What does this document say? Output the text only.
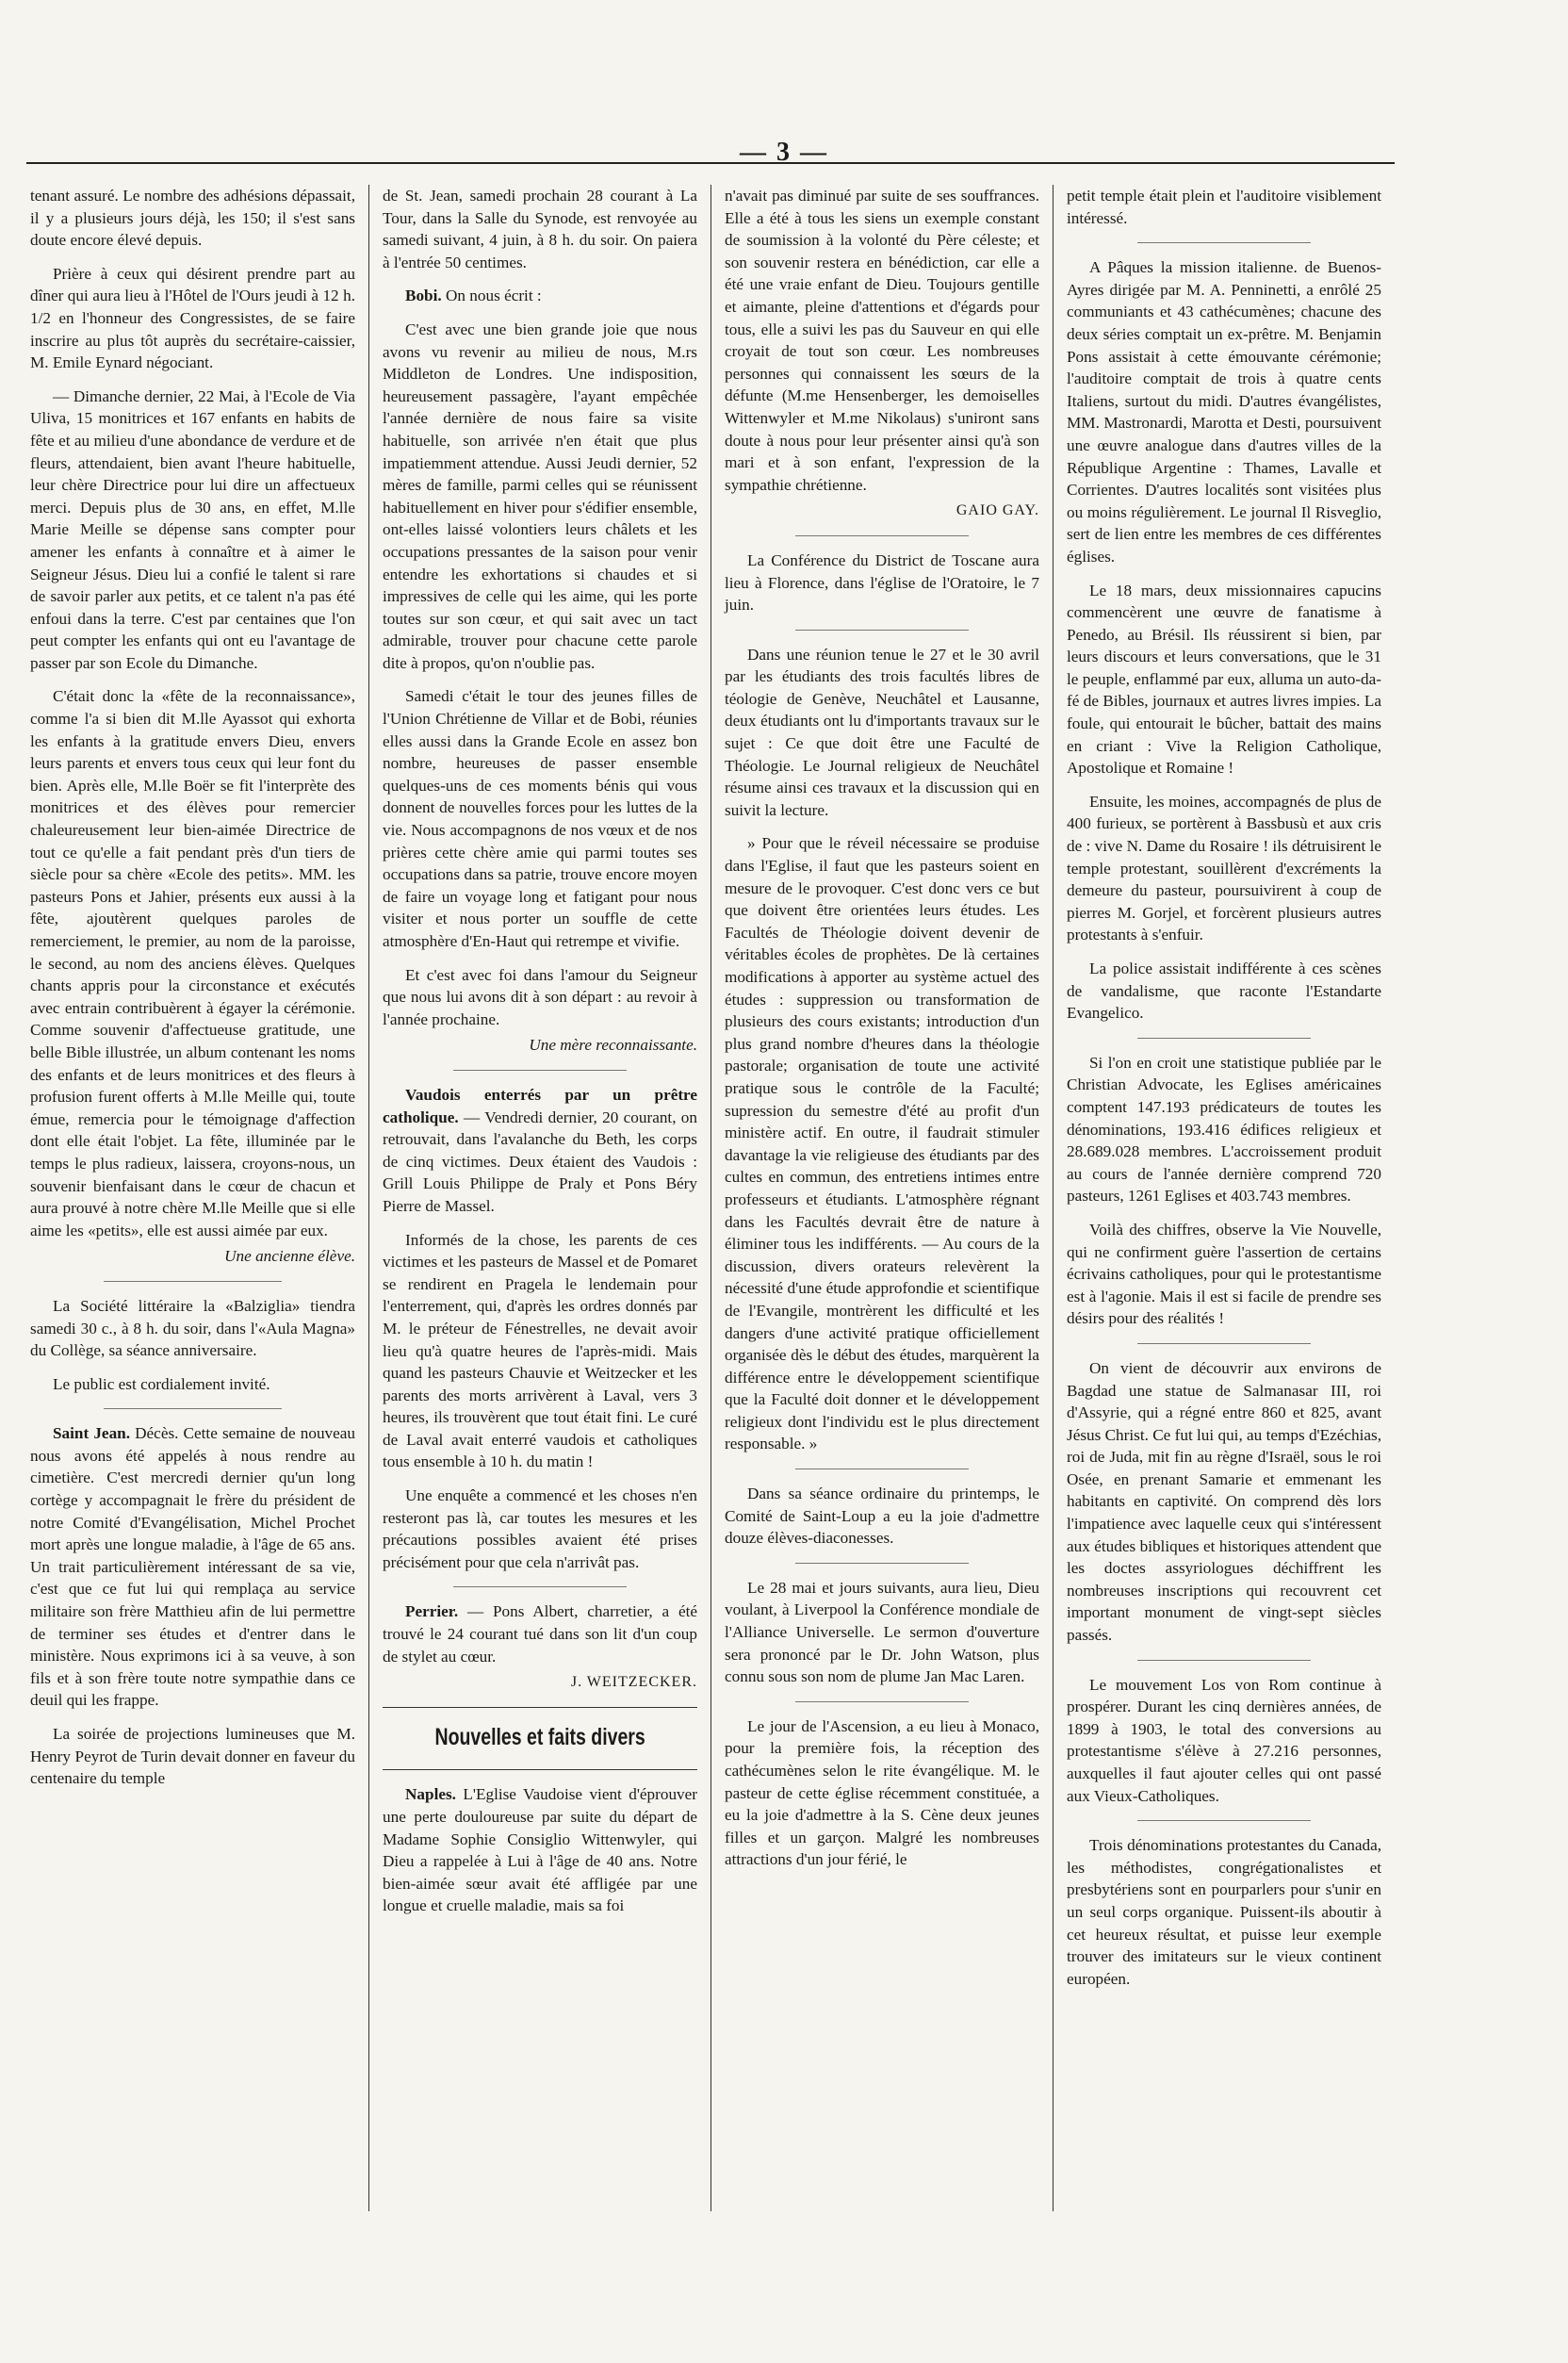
— 3 —

tenant assuré. Le nombre des adhésions dépassait, il y a plusieurs jours déjà, les 150; il s'est sans doute encore élevé depuis.

Prière à ceux qui désirent prendre part au dîner qui aura lieu à l'Hôtel de l'Ours jeudi à 12 h. 1/2 en l'honneur des Congressistes, de se faire inscrire au plus tôt auprès du secrétaire-caissier, M. Emile Eynard négociant.

— Dimanche dernier, 22 Mai, à l'Ecole de Via Uliva, 15 monitrices et 167 enfants en habits de fête et au milieu d'une abondance de verdure et de fleurs, attendaient, bien avant l'heure habituelle, leur chère Directrice pour lui dire un affectueux merci. Depuis plus de 30 ans, en effet, M.lle Marie Meille se dépense sans compter pour amener les enfants à connaître et à aimer le Seigneur Jésus. Dieu lui a confié le talent si rare de savoir parler aux petits, et ce talent n'a pas été enfoui dans la terre. C'est par centaines que l'on peut compter les enfants qui ont eu l'avantage de passer par son Ecole du Dimanche.

C'était donc la «fête de la reconnaissance», comme l'a si bien dit M.lle Ayassot qui exhorta les enfants à la gratitude envers Dieu, envers leurs parents et envers tous ceux qui leur font du bien. Après elle, M.lle Boër se fit l'interprète des monitrices et des élèves pour remercier chaleureusement leur bien-aimée Directrice de tout ce qu'elle a fait pendant près d'un tiers de siècle pour sa chère «Ecole des petits». MM. les pasteurs Pons et Jahier, présents eux aussi à la fête, ajoutèrent quelques paroles de remerciement, le premier, au nom de la paroisse, le second, au nom des anciens élèves. Quelques chants appris pour la circonstance et exécutés avec entrain contribuèrent à égayer la cérémonie. Comme souvenir d'affectueuse gratitude, une belle Bible illustrée, un album contenant les noms des enfants et de leurs monitrices et des fleurs à profusion furent offerts à M.lle Meille qui, toute émue, remercia pour le témoignage d'affection dont elle était l'objet. La fête, illuminée par le temps le plus radieux, laissera, croyons-nous, un souvenir bienfaisant dans le cœur de chacun et aura prouvé à notre chère M.lle Meille que si elle aime les «petits», elle est aussi aimée par eux.

Une ancienne élève.

La Société littéraire la «Balziglia» tiendra samedi 30 c., à 8 h. du soir, dans l'«Aula Magna» du Collège, sa séance anniversaire.

Le public est cordialement invité.

Saint Jean. Décès. Cette semaine de nouveau nous avons été appelés à nous rendre au cimetière. C'est mercredi dernier qu'un long cortège y accompagnait le frère du président de notre Comité d'Evangélisation, Michel Prochet mort après une longue maladie, à l'âge de 65 ans. Un trait particulièrement intéressant de sa vie, c'est que ce fut lui qui remplaça au service militaire son frère Matthieu afin de lui permettre de terminer ses études et d'entrer dans le ministère. Nous exprimons ici à sa veuve, à son fils et à son frère toute notre sympathie dans ce deuil qui les frappe.

La soirée de projections lumineuses que M. Henry Peyrot de Turin devait donner en faveur du centenaire du temple

de St. Jean, samedi prochain 28 courant à La Tour, dans la Salle du Synode, est renvoyée au samedi suivant, 4 juin, à 8 h. du soir. On paiera à l'entrée 50 centimes.

Bobi. On nous écrit :

C'est avec une bien grande joie que nous avons vu revenir au milieu de nous, M.rs Middleton de Londres. Une indisposition, heureusement passagère, l'ayant empêchée l'année dernière de nous faire sa visite habituelle, son arrivée n'en était que plus impatiemment attendue. Aussi Jeudi dernier, 52 mères de famille, parmi celles qui se réunissent habituellement en hiver pour s'édifier ensemble, ont-elles laissé volontiers leurs châlets et les occupations pressantes de la saison pour venir entendre les exhortations si chaudes et si impressives de celle qui les aime, qui les porte toutes sur son cœur, et qui sait avec un tact admirable, trouver pour chacune cette parole dite à propos, qu'on n'oublie pas.

Samedi c'était le tour des jeunes filles de l'Union Chrétienne de Villar et de Bobi, réunies elles aussi dans la Grande Ecole en assez bon nombre, heureuses de passer ensemble quelques-uns de ces moments bénis qui vous donnent de nouvelles forces pour les luttes de la vie. Nous accompagnons de nos vœux et de nos prières cette chère amie qui parmi toutes ses occupations dans sa patrie, trouve encore moyen de faire un voyage long et fatigant pour nous visiter et nous porter un souffle de cette atmosphère d'En-Haut qui retrempe et vivifie.

Et c'est avec foi dans l'amour du Seigneur que nous lui avons dit à son départ : au revoir à l'année prochaine.

Une mère reconnaissante.

Vaudois enterrés par un prêtre catholique. — Vendredi dernier, 20 courant, on retrouvait, dans l'avalanche du Beth, les corps de cinq victimes. Deux étaient des Vaudois : Grill Louis Philippe de Praly et Pons Béry Pierre de Massel.

Informés de la chose, les parents de ces victimes et les pasteurs de Massel et de Pomaret se rendirent en Pragela le lendemain pour l'enterrement, qui, d'après les ordres donnés par M. le préteur de Fénestrelles, ne devait avoir lieu qu'à quatre heures de l'après-midi. Mais quand les pasteurs Chauvie et Weitzecker et les parents des morts arrivèrent à Laval, vers 3 heures, ils trouvèrent que tout était fini. Le curé de Laval avait enterré vaudois et catholiques tous ensemble à 10 h. du matin !

Une enquête a commencé et les choses n'en resteront pas là, car toutes les mesures et les précautions possibles avaient été prises précisément pour que cela n'arrivât pas.

Perrier. — Pons Albert, charretier, a été trouvé le 24 courant tué dans son lit d'un coup de stylet au cœur.

J. WEITZECKER.
Nouvelles et faits divers

Naples. L'Eglise Vaudoise vient d'éprouver une perte douloureuse par suite du départ de Madame Sophie Consiglio Wittenwyler, qui Dieu a rappelée à Lui à l'âge de 40 ans. Notre bien-aimée sœur avait été affligée par une longue et cruelle maladie, mais sa foi

n'avait pas diminué par suite de ses souffrances. Elle a été à tous les siens un exemple constant de soumission à la volonté du Père céleste; et son souvenir restera en bénédiction, car elle a été une vraie enfant de Dieu. Toujours gentille et aimante, pleine d'attentions et d'égards pour tous, elle a suivi les pas du Sauveur en qui elle croyait de tout son cœur. Les nombreuses personnes qui connaissent les sœurs de la défunte (M.me Hensenberger, les demoiselles Wittenwyler et M.me Nikolaus) s'uniront sans doute à nous pour leur présenter ainsi qu'à son mari et à son enfant, l'expression de la sympathie chrétienne.

GAIO GAY.

La Conférence du District de Toscane aura lieu à Florence, dans l'église de l'Oratoire, le 7 juin.

Dans une réunion tenue le 27 et le 30 avril par les étudiants des trois facultés libres de téologie de Genève, Neuchâtel et Lausanne, deux étudiants ont lu d'importants travaux sur le sujet : Ce que doit être une Faculté de Théologie. Le Journal religieux de Neuchâtel résume ainsi ces travaux et la discussion qui en suivit la lecture.

» Pour que le réveil nécessaire se produise dans l'Eglise, il faut que les pasteurs soient en mesure de le provoquer. C'est donc vers ce but que doivent être orientées leurs études. Les Facultés de Théologie doivent devenir de véritables écoles de prophètes. De là certaines modifications à apporter au système actuel des études : suppression ou transformation de plusieurs des cours existants; introduction d'un plus grand nombre d'heures dans la théologie pastorale; organisation de toute une activité pratique sous le contrôle de la Faculté; supression du semestre d'été au profit d'un ministère actif. En outre, il faudrait stimuler davantage la vie religieuse des étudiants par des cultes en commun, des entretiens intimes entre professeurs et étudiants. L'atmosphère régnant dans les Facultés devrait être de nature à éliminer tous les indifférents. — Au cours de la discussion, divers orateurs relevèrent la nécessité d'une étude approfondie et scientifique de l'Evangile, montrèrent les difficulté et les dangers d'une activité pratique officiellement organisée dès le début des études, marquèrent la différence entre le développement scientifique que la Faculté doit donner et le développement religieux dont l'individu est le plus directement responsable. »

Dans sa séance ordinaire du printemps, le Comité de Saint-Loup a eu la joie d'admettre douze élèves-diaconesses.

Le 28 mai et jours suivants, aura lieu, Dieu voulant, à Liverpool la Conférence mondiale de l'Alliance Universelle. Le sermon d'ouverture sera prononcé par le Dr. John Watson, plus connu sous son nom de plume Jan Mac Laren.

Le jour de l'Ascension, a eu lieu à Monaco, pour la première fois, la réception des cathécumènes selon le rite évangélique. M. le pasteur de cette église récemment constituée, a eu la joie d'admettre à la S. Cène deux jeunes filles et un garçon. Malgré les nombreuses attractions d'un jour férié, le

petit temple était plein et l'auditoire visiblement intéressé.

A Pâques la mission italienne. de Buenos-Ayres dirigée par M. A. Penninetti, a enrôlé 25 communiants et 43 cathécumènes; chacune des deux séries comptait un ex-prêtre. M. Benjamin Pons assistait à cette émouvante cérémonie; l'auditoire comptait de trois à quatre cents Italiens, surtout du midi. D'autres évangélistes, MM. Mastronardi, Marotta et Desti, poursuivent une œuvre analogue dans d'autres villes de la République Argentine : Thames, Lavalle et Corrientes. D'autres localités sont visitées plus ou moins régulièrement. Le journal Il Risveglio, sert de lien entre les membres de ces différentes églises.

Le 18 mars, deux missionnaires capucins commencèrent une œuvre de fanatisme à Penedo, au Brésil. Ils réussirent si bien, par leurs discours et leurs conversations, que le 31 le peuple, enflammé par eux, alluma un auto-da-fé de Bibles, journaux et autres livres impies. La foule, qui entourait le bûcher, battait des mains en criant : Vive la Religion Catholique, Apostolique et Romaine !

Ensuite, les moines, accompagnés de plus de 400 furieux, se portèrent à Bassbusù et aux cris de : vive N. Dame du Rosaire ! ils détruisirent le temple protestant, souillèrent d'excréments la demeure du pasteur, poursuivirent à coup de pierres M. Gorjel, et forcèrent plusieurs autres protestants à s'enfuir.

La police assistait indifférente à ces scènes de vandalisme, que raconte l'Estandarte Evangelico.

Si l'on en croit une statistique publiée par le Christian Advocate, les Eglises américaines comptent 147.193 prédicateurs de toutes les dénominations, 193.416 édifices religieux et 28.689.028 membres. L'accroissement produit au cours de l'année dernière comprend 720 pasteurs, 1261 Eglises et 403.743 membres.

Voilà des chiffres, observe la Vie Nouvelle, qui ne confirment guère l'assertion de certains écrivains catholiques, pour qui le protestantisme est à l'agonie. Mais il est si facile de prendre ses désirs pour des réalités !

On vient de découvrir aux environs de Bagdad une statue de Salmanasar III, roi d'Assyrie, qui a régné entre 860 et 825, avant Jésus Christ. Ce fut lui qui, au temps d'Ezéchias, roi de Juda, mit fin au règne d'Israël, sous le roi Osée, en prenant Samarie et emmenant les habitants en captivité. On comprend dès lors l'impatience avec laquelle ceux qui s'intéressent aux études bibliques et historiques attendent que les doctes assyriologues déchiffrent les nombreuses inscriptions qui recouvrent cet important monument de vingt-sept siècles passés.

Le mouvement Los von Rom continue à prospérer. Durant les cinq dernières années, de 1899 à 1903, le total des conversions au protestantisme s'élève à 27.216 personnes, auxquelles il faut ajouter celles qui ont passé aux Vieux-Catholiques.

Trois dénominations protestantes du Canada, les méthodistes, congrégationalistes et presbytériens sont en pourparlers pour s'unir en un seul corps organique. Puissent-ils aboutir à cet heureux résultat, et puisse leur exemple trouver des imitateurs sur le vieux continent européen.
